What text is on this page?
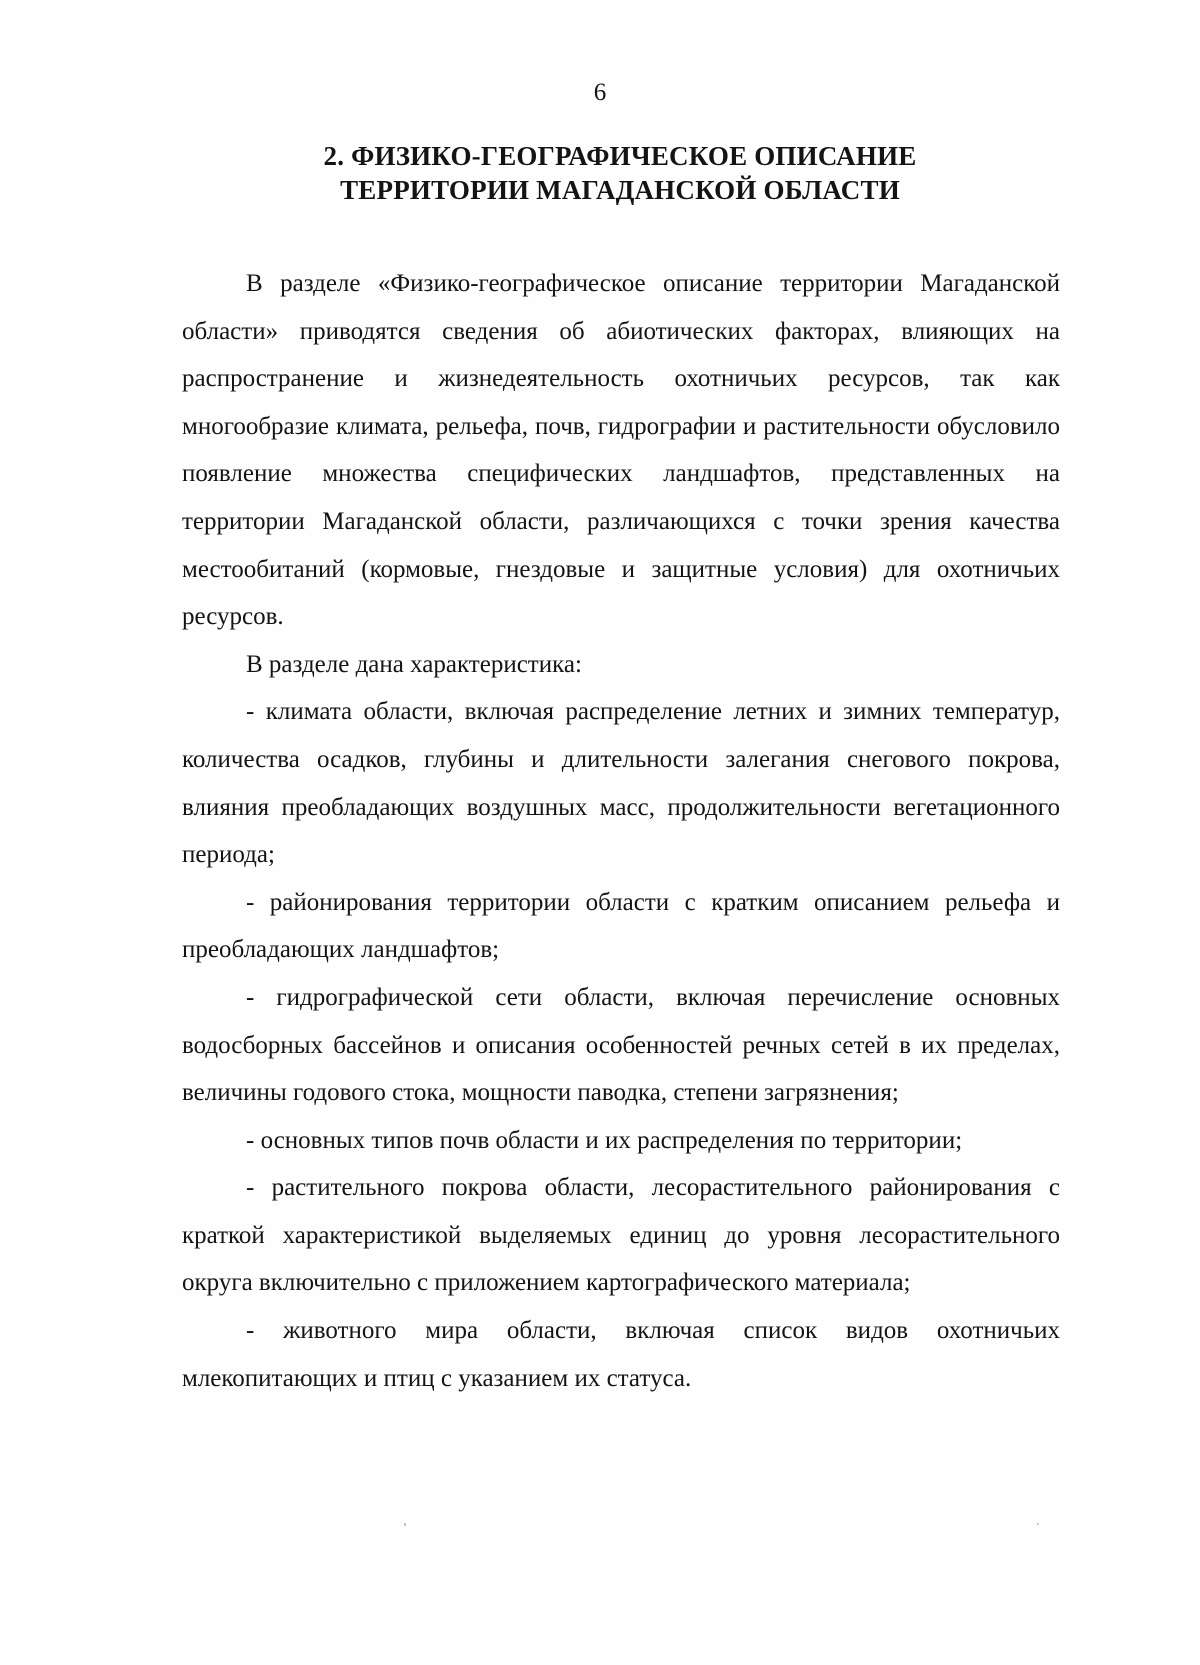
6
2. ФИЗИКО-ГЕОГРАФИЧЕСКОЕ ОПИСАНИЕ
ТЕРРИТОРИИ МАГАДАНСКОЙ ОБЛАСТИ

В разделе «Физико-географическое описание территории Магаданской области» приводятся сведения об абиотических факторах, влияющих на распространение и жизнедеятельность охотничьих ресурсов, так как многообразие климата, рельефа, почв, гидрографии и растительности обусловило появление множества специфических ландшафтов, представленных на территории Магаданской области, различающихся с точки зрения качества местообитаний (кормовые, гнездовые и защитные условия) для охотничьих ресурсов.

В разделе дана характеристика:

- климата области, включая распределение летних и зимних температур, количества осадков, глубины и длительности залегания снегового покрова, влияния преобладающих воздушных масс, продолжительности вегетационного периода;

- районирования территории области с кратким описанием рельефа и преобладающих ландшафтов;

- гидрографической сети области, включая перечисление основных водосборных бассейнов и описания особенностей речных сетей в их пределах, величины годового стока, мощности паводка, степени загрязнения;

- основных типов почв области и их распределения по территории;

- растительного покрова области, лесорастительного районирования с краткой характеристикой выделяемых единиц до уровня лесорастительного округа включительно с приложением картографического материала;

- животного мира области, включая список видов охотничьих млекопитающих и птиц с указанием их статуса.
